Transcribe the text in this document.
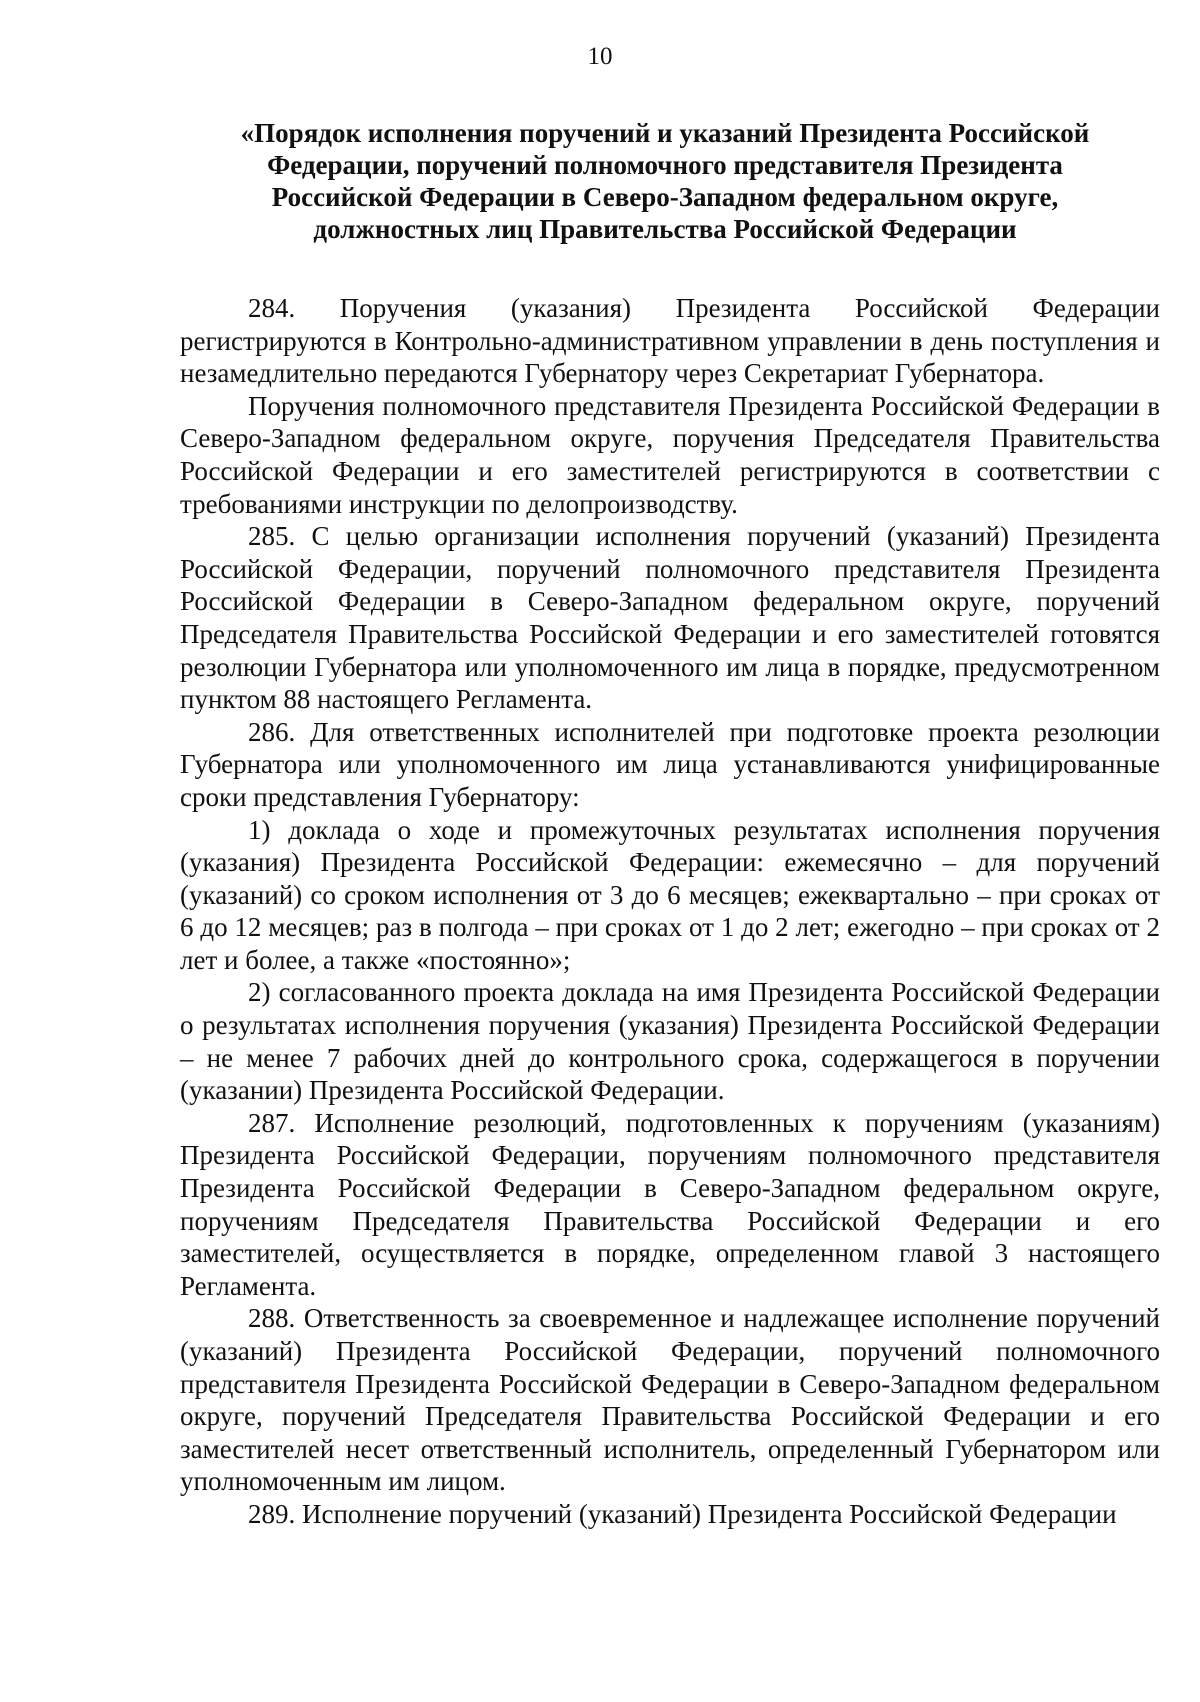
10
«Порядок исполнения поручений и указаний Президента Российской Федерации, поручений полномочного представителя Президента Российской Федерации в Северо-Западном федеральном округе, должностных лиц Правительства Российской Федерации

284. Поручения (указания) Президента Российской Федерации регистрируются в Контрольно-административном управлении в день поступления и незамедлительно передаются Губернатору через Секретариат Губернатора.

Поручения полномочного представителя Президента Российской Федерации в Северо-Западном федеральном округе, поручения Председателя Правительства Российской Федерации и его заместителей регистрируются в соответствии с требованиями инструкции по делопроизводству.

285. С целью организации исполнения поручений (указаний) Президента Российской Федерации, поручений полномочного представителя Президента Российской Федерации в Северо-Западном федеральном округе, поручений Председателя Правительства Российской Федерации и его заместителей готовятся резолюции Губернатора или уполномоченного им лица в порядке, предусмотренном пунктом 88 настоящего Регламента.

286. Для ответственных исполнителей при подготовке проекта резолюции Губернатора или уполномоченного им лица устанавливаются унифицированные сроки представления Губернатору:

1) доклада о ходе и промежуточных результатах исполнения поручения (указания) Президента Российской Федерации: ежемесячно – для поручений (указаний) со сроком исполнения от 3 до 6 месяцев; ежеквартально – при сроках от 6 до 12 месяцев; раз в полгода – при сроках от 1 до 2 лет; ежегодно – при сроках от 2 лет и более, а также «постоянно»;

2) согласованного проекта доклада на имя Президента Российской Федерации о результатах исполнения поручения (указания) Президента Российской Федерации – не менее 7 рабочих дней до контрольного срока, содержащегося в поручении (указании) Президента Российской Федерации.

287. Исполнение резолюций, подготовленных к поручениям (указаниям) Президента Российской Федерации, поручениям полномочного представителя Президента Российской Федерации в Северо-Западном федеральном округе, поручениям Председателя Правительства Российской Федерации и его заместителей, осуществляется в порядке, определенном главой 3 настоящего Регламента.

288. Ответственность за своевременное и надлежащее исполнение поручений (указаний) Президента Российской Федерации, поручений полномочного представителя Президента Российской Федерации в Северо-Западном федеральном округе, поручений Председателя Правительства Российской Федерации и его заместителей несет ответственный исполнитель, определенный Губернатором или уполномоченным им лицом.

289. Исполнение поручений (указаний) Президента Российской Федерации
